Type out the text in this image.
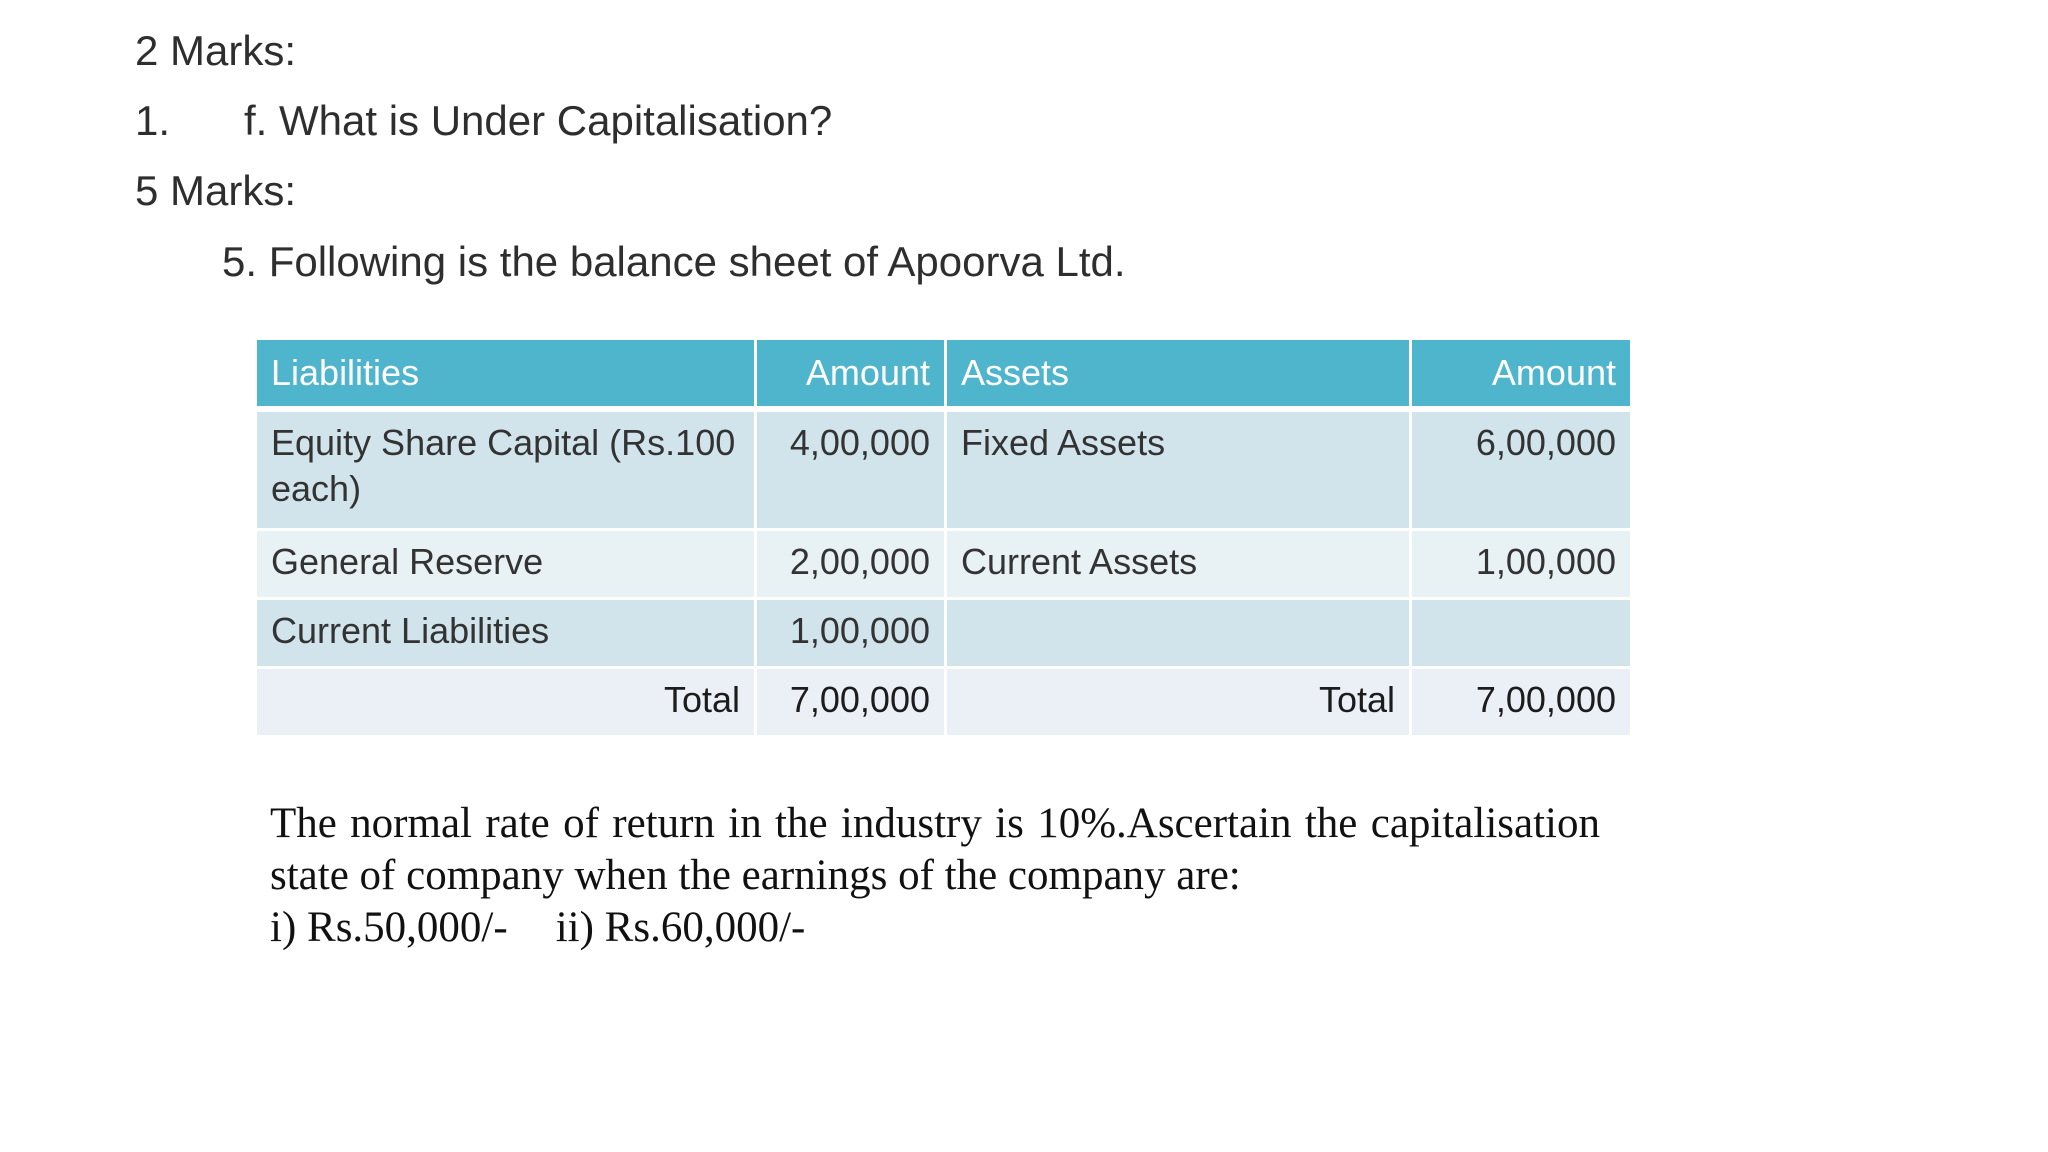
2 Marks:
1. f. What is Under Capitalisation?
5 Marks:
5. Following is the balance sheet of Apoorva Ltd.
Liabilities	Amount	Assets	Amount
Equity Share Capital (Rs.100 each)	4,00,000	Fixed Assets	6,00,000
General Reserve	2,00,000	Current Assets	1,00,000
Current Liabilities	1,00,000		
Total	7,00,000	Total	7,00,000
The normal rate of return in the industry is 10%.Ascertain the capitalisation state of company when the earnings of the company are:
i) Rs.50,000/- ii) Rs.60,000/-
